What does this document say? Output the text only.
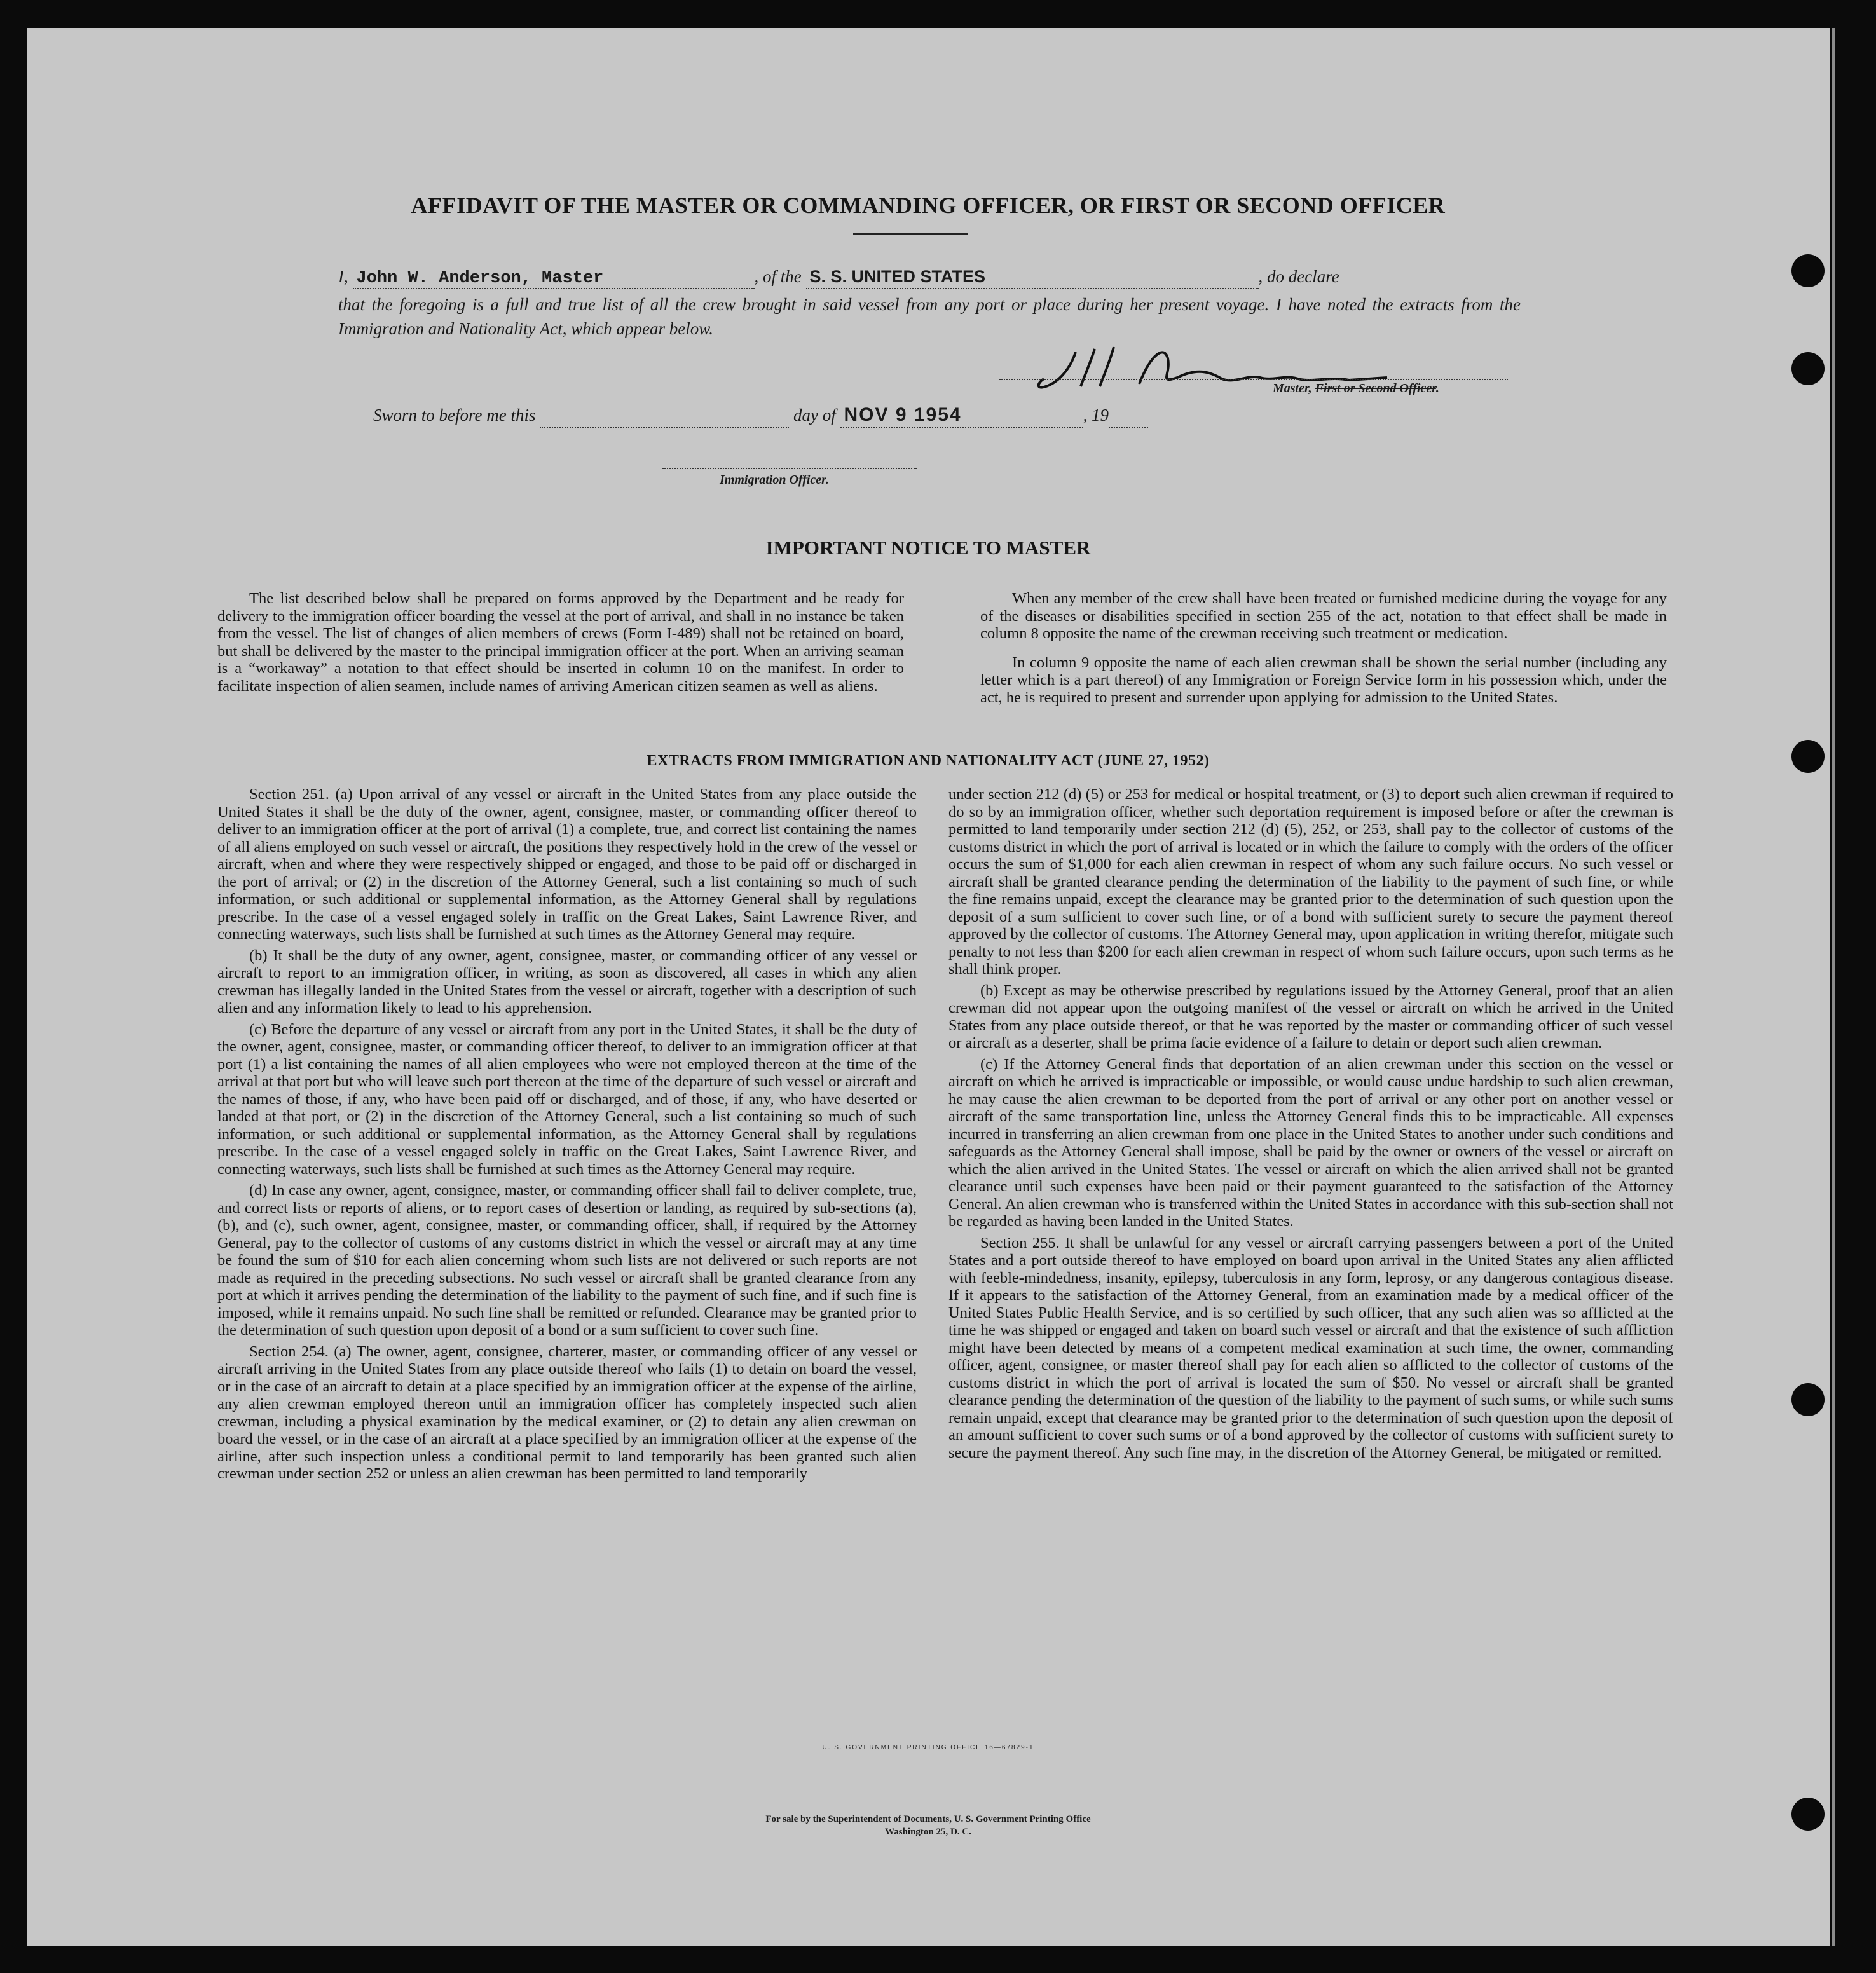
AFFIDAVIT OF THE MASTER OR COMMANDING OFFICER, OR FIRST OR SECOND OFFICER
I, John W. Anderson, Master	, of the S. S. UNITED STATES	, do declare
that the foregoing is a full and true list of all the crew brought in said vessel from any port or place during her present voyage. I have noted the extracts from the Immigration and Nationality Act, which appear below.
Master, First or Second Officer.
Sworn to before me this	day of NOV 9 1954	, 19
Immigration Officer.
IMPORTANT NOTICE TO MASTER

The list described below shall be prepared on forms approved by the Department and be ready for delivery to the immigration officer boarding the vessel at the port of arrival, and shall in no instance be taken from the vessel. The list of changes of alien members of crews (Form I-489) shall not be retained on board, but shall be delivered by the master to the principal immigration officer at the port. When an arriving seaman is a “workaway” a notation to that effect should be inserted in column 10 on the manifest. In order to facilitate inspection of alien seamen, include names of arriving American citizen seamen as well as aliens.

When any member of the crew shall have been treated or furnished medicine during the voyage for any of the diseases or disabilities specified in section 255 of the act, notation to that effect shall be made in column 8 opposite the name of the crewman receiving such treatment or medication.

In column 9 opposite the name of each alien crewman shall be shown the serial number (including any letter which is a part thereof) of any Immigration or Foreign Service form in his possession which, under the act, he is required to present and surrender upon applying for admission to the United States.

EXTRACTS FROM IMMIGRATION AND NATIONALITY ACT (JUNE 27, 1952)

Section 251. (a) Upon arrival of any vessel or aircraft in the United States from any place outside the United States it shall be the duty of the owner, agent, consignee, master, or commanding officer thereof to deliver to an immigration officer at the port of arrival (1) a complete, true, and correct list containing the names of all aliens employed on such vessel or aircraft, the positions they respectively hold in the crew of the vessel or aircraft, when and where they were respectively shipped or engaged, and those to be paid off or discharged in the port of arrival; or (2) in the discretion of the Attorney General, such a list containing so much of such information, or such additional or supplemental information, as the Attorney General shall by regulations prescribe. In the case of a vessel engaged solely in traffic on the Great Lakes, Saint Lawrence River, and connecting waterways, such lists shall be furnished at such times as the Attorney General may require.

(b) It shall be the duty of any owner, agent, consignee, master, or commanding officer of any vessel or aircraft to report to an immigration officer, in writing, as soon as discovered, all cases in which any alien crewman has illegally landed in the United States from the vessel or aircraft, together with a description of such alien and any information likely to lead to his apprehension.

(c) Before the departure of any vessel or aircraft from any port in the United States, it shall be the duty of the owner, agent, consignee, master, or commanding officer thereof, to deliver to an immigration officer at that port (1) a list containing the names of all alien employees who were not employed thereon at the time of the arrival at that port but who will leave such port thereon at the time of the departure of such vessel or aircraft and the names of those, if any, who have been paid off or discharged, and of those, if any, who have deserted or landed at that port, or (2) in the discretion of the Attorney General, such a list containing so much of such information, or such additional or supplemental information, as the Attorney General shall by regulations prescribe. In the case of a vessel engaged solely in traffic on the Great Lakes, Saint Lawrence River, and connecting waterways, such lists shall be furnished at such times as the Attorney General may require.

(d) In case any owner, agent, consignee, master, or commanding officer shall fail to deliver complete, true, and correct lists or reports of aliens, or to report cases of desertion or landing, as required by sub-sections (a), (b), and (c), such owner, agent, consignee, master, or commanding officer, shall, if required by the Attorney General, pay to the collector of customs of any customs district in which the vessel or aircraft may at any time be found the sum of $10 for each alien concerning whom such lists are not delivered or such reports are not made as required in the preceding subsections. No such vessel or aircraft shall be granted clearance from any port at which it arrives pending the determination of the liability to the payment of such fine, and if such fine is imposed, while it remains unpaid. No such fine shall be remitted or refunded. Clearance may be granted prior to the determination of such question upon deposit of a bond or a sum sufficient to cover such fine.

Section 254. (a) The owner, agent, consignee, charterer, master, or commanding officer of any vessel or aircraft arriving in the United States from any place outside thereof who fails (1) to detain on board the vessel, or in the case of an aircraft to detain at a place specified by an immigration officer at the expense of the airline, any alien crewman employed thereon until an immigration officer has completely inspected such alien crewman, including a physical examination by the medical examiner, or (2) to detain any alien crewman on board the vessel, or in the case of an aircraft at a place specified by an immigration officer at the expense of the airline, after such inspection unless a conditional permit to land temporarily has been granted such alien crewman under section 252 or unless an alien crewman has been permitted to land temporarily

under section 212 (d) (5) or 253 for medical or hospital treatment, or (3) to deport such alien crewman if required to do so by an immigration officer, whether such deportation requirement is imposed before or after the crewman is permitted to land temporarily under section 212 (d) (5), 252, or 253, shall pay to the collector of customs of the customs district in which the port of arrival is located or in which the failure to comply with the orders of the officer occurs the sum of $1,000 for each alien crewman in respect of whom any such failure occurs. No such vessel or aircraft shall be granted clearance pending the determination of the liability to the payment of such fine, or while the fine remains unpaid, except the clearance may be granted prior to the determination of such question upon the deposit of a sum sufficient to cover such fine, or of a bond with sufficient surety to secure the payment thereof approved by the collector of customs. The Attorney General may, upon application in writing therefor, mitigate such penalty to not less than $200 for each alien crewman in respect of whom such failure occurs, upon such terms as he shall think proper.

(b) Except as may be otherwise prescribed by regulations issued by the Attorney General, proof that an alien crewman did not appear upon the outgoing manifest of the vessel or aircraft on which he arrived in the United States from any place outside thereof, or that he was reported by the master or commanding officer of such vessel or aircraft as a deserter, shall be prima facie evidence of a failure to detain or deport such alien crewman.

(c) If the Attorney General finds that deportation of an alien crewman under this section on the vessel or aircraft on which he arrived is impracticable or impossible, or would cause undue hardship to such alien crewman, he may cause the alien crewman to be deported from the port of arrival or any other port on another vessel or aircraft of the same transportation line, unless the Attorney General finds this to be impracticable. All expenses incurred in transferring an alien crewman from one place in the United States to another under such conditions and safeguards as the Attorney General shall impose, shall be paid by the owner or owners of the vessel or aircraft on which the alien arrived in the United States. The vessel or aircraft on which the alien arrived shall not be granted clearance until such expenses have been paid or their payment guaranteed to the satisfaction of the Attorney General. An alien crewman who is transferred within the United States in accordance with this sub-section shall not be regarded as having been landed in the United States.

Section 255. It shall be unlawful for any vessel or aircraft carrying passengers between a port of the United States and a port outside thereof to have employed on board upon arrival in the United States any alien afflicted with feeble-mindedness, insanity, epilepsy, tuberculosis in any form, leprosy, or any dangerous contagious disease. If it appears to the satisfaction of the Attorney General, from an examination made by a medical officer of the United States Public Health Service, and is so certified by such officer, that any such alien was so afflicted at the time he was shipped or engaged and taken on board such vessel or aircraft and that the existence of such affliction might have been detected by means of a competent medical examination at such time, the owner, commanding officer, agent, consignee, or master thereof shall pay for each alien so afflicted to the collector of customs of the customs district in which the port of arrival is located the sum of $50. No vessel or aircraft shall be granted clearance pending the determination of the question of the liability to the payment of such sums, or while such sums remain unpaid, except that clearance may be granted prior to the determination of such question upon the deposit of an amount sufficient to cover such sums or of a bond approved by the collector of customs with sufficient surety to secure the payment thereof. Any such fine may, in the discretion of the Attorney General, be mitigated or remitted.

U. S. GOVERNMENT PRINTING OFFICE 16—67829-1
For sale by the Superintendent of Documents, U. S. Government Printing Office
Washington 25, D. C.
